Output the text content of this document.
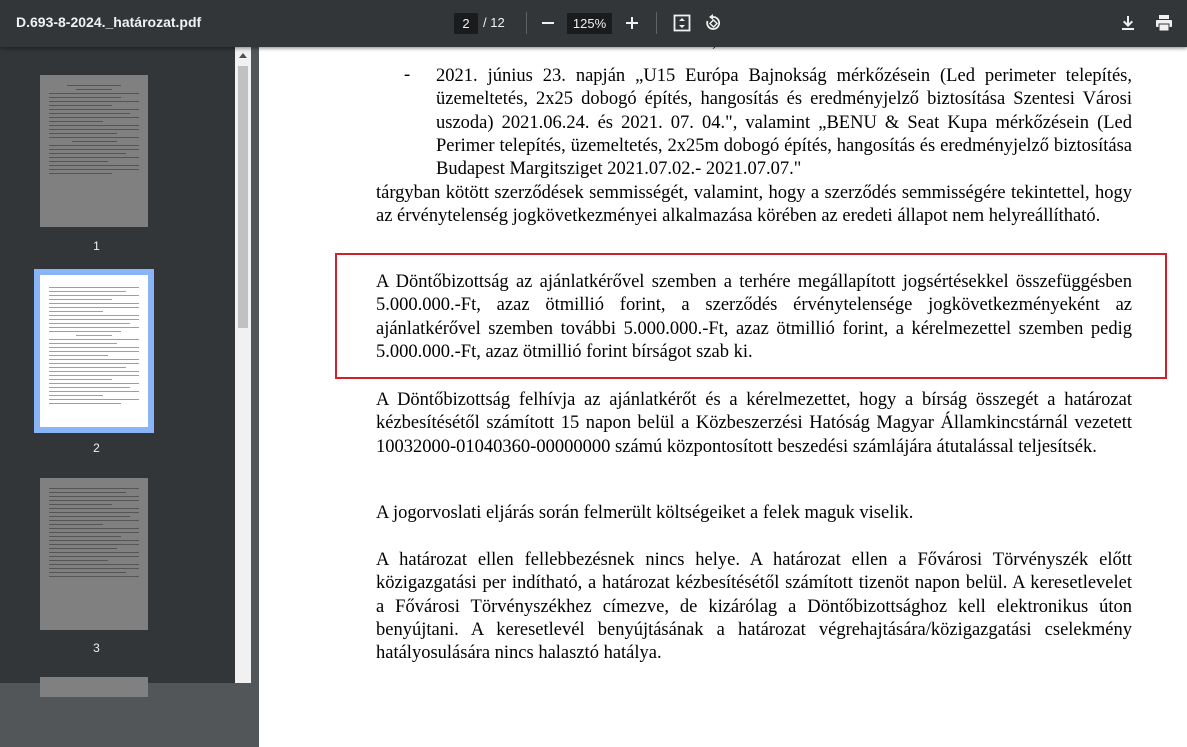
D.693-8-2024._határozat.pdf	2	/ 12	125%
1
2
3
- 2021. június 23. napján „U15 Európa Bajnokság mérkőzésein (Led perimeter telepítés, üzemeltetés, 2x25 dobogó építés, hangosítás és eredményjelző biztosítása Szentesi Városi uszoda) 2021.06.24. és 2021. 07. 04.", valamint „BENU & Seat Kupa mérkőzésein (Led Perimer telepítés, üzemeltetés, 2x25m dobogó építés, hangosítás és eredményjelző biztosítása Budapest Margitsziget 2021.07.02.- 2021.07.07."
tárgyban kötött szerződések semmisségét, valamint, hogy a szerződés semmisségére tekintettel, hogy az érvénytelenség jogkövetkezményei alkalmazása körében az eredeti állapot nem helyreállítható.
A Döntőbizottság az ajánlatkérővel szemben a terhére megállapított jogsértésekkel összefüggésben 5.000.000.-Ft, azaz ötmillió forint, a szerződés érvénytelensége jogkövetkezményeként az ajánlatkérővel szemben további 5.000.000.-Ft, azaz ötmillió forint, a kérelmezettel szemben pedig 5.000.000.-Ft, azaz ötmillió forint bírságot szab ki.
A Döntőbizottság felhívja az ajánlatkérőt és a kérelmezettet, hogy a bírság összegét a határozat kézbesítésétől számított 15 napon belül a Közbeszerzési Hatóság Magyar Államkincstárnál vezetett 10032000-01040360-00000000 számú központosított beszedési számlájára átutalással teljesítsék.
A jogorvoslati eljárás során felmerült költségeiket a felek maguk viselik.
A határozat ellen fellebbezésnek nincs helye. A határozat ellen a Fővárosi Törvényszék előtt közigazgatási per indítható, a határozat kézbesítésétől számított tizenöt napon belül. A keresetlevelet a Fővárosi Törvényszékhez címezve, de kizárólag a Döntőbizottsághoz kell elektronikus úton benyújtani. A keresetlevél benyújtásának a határozat végrehajtására/közigazgatási cselekmény hatályosulására nincs halasztó hatálya.
